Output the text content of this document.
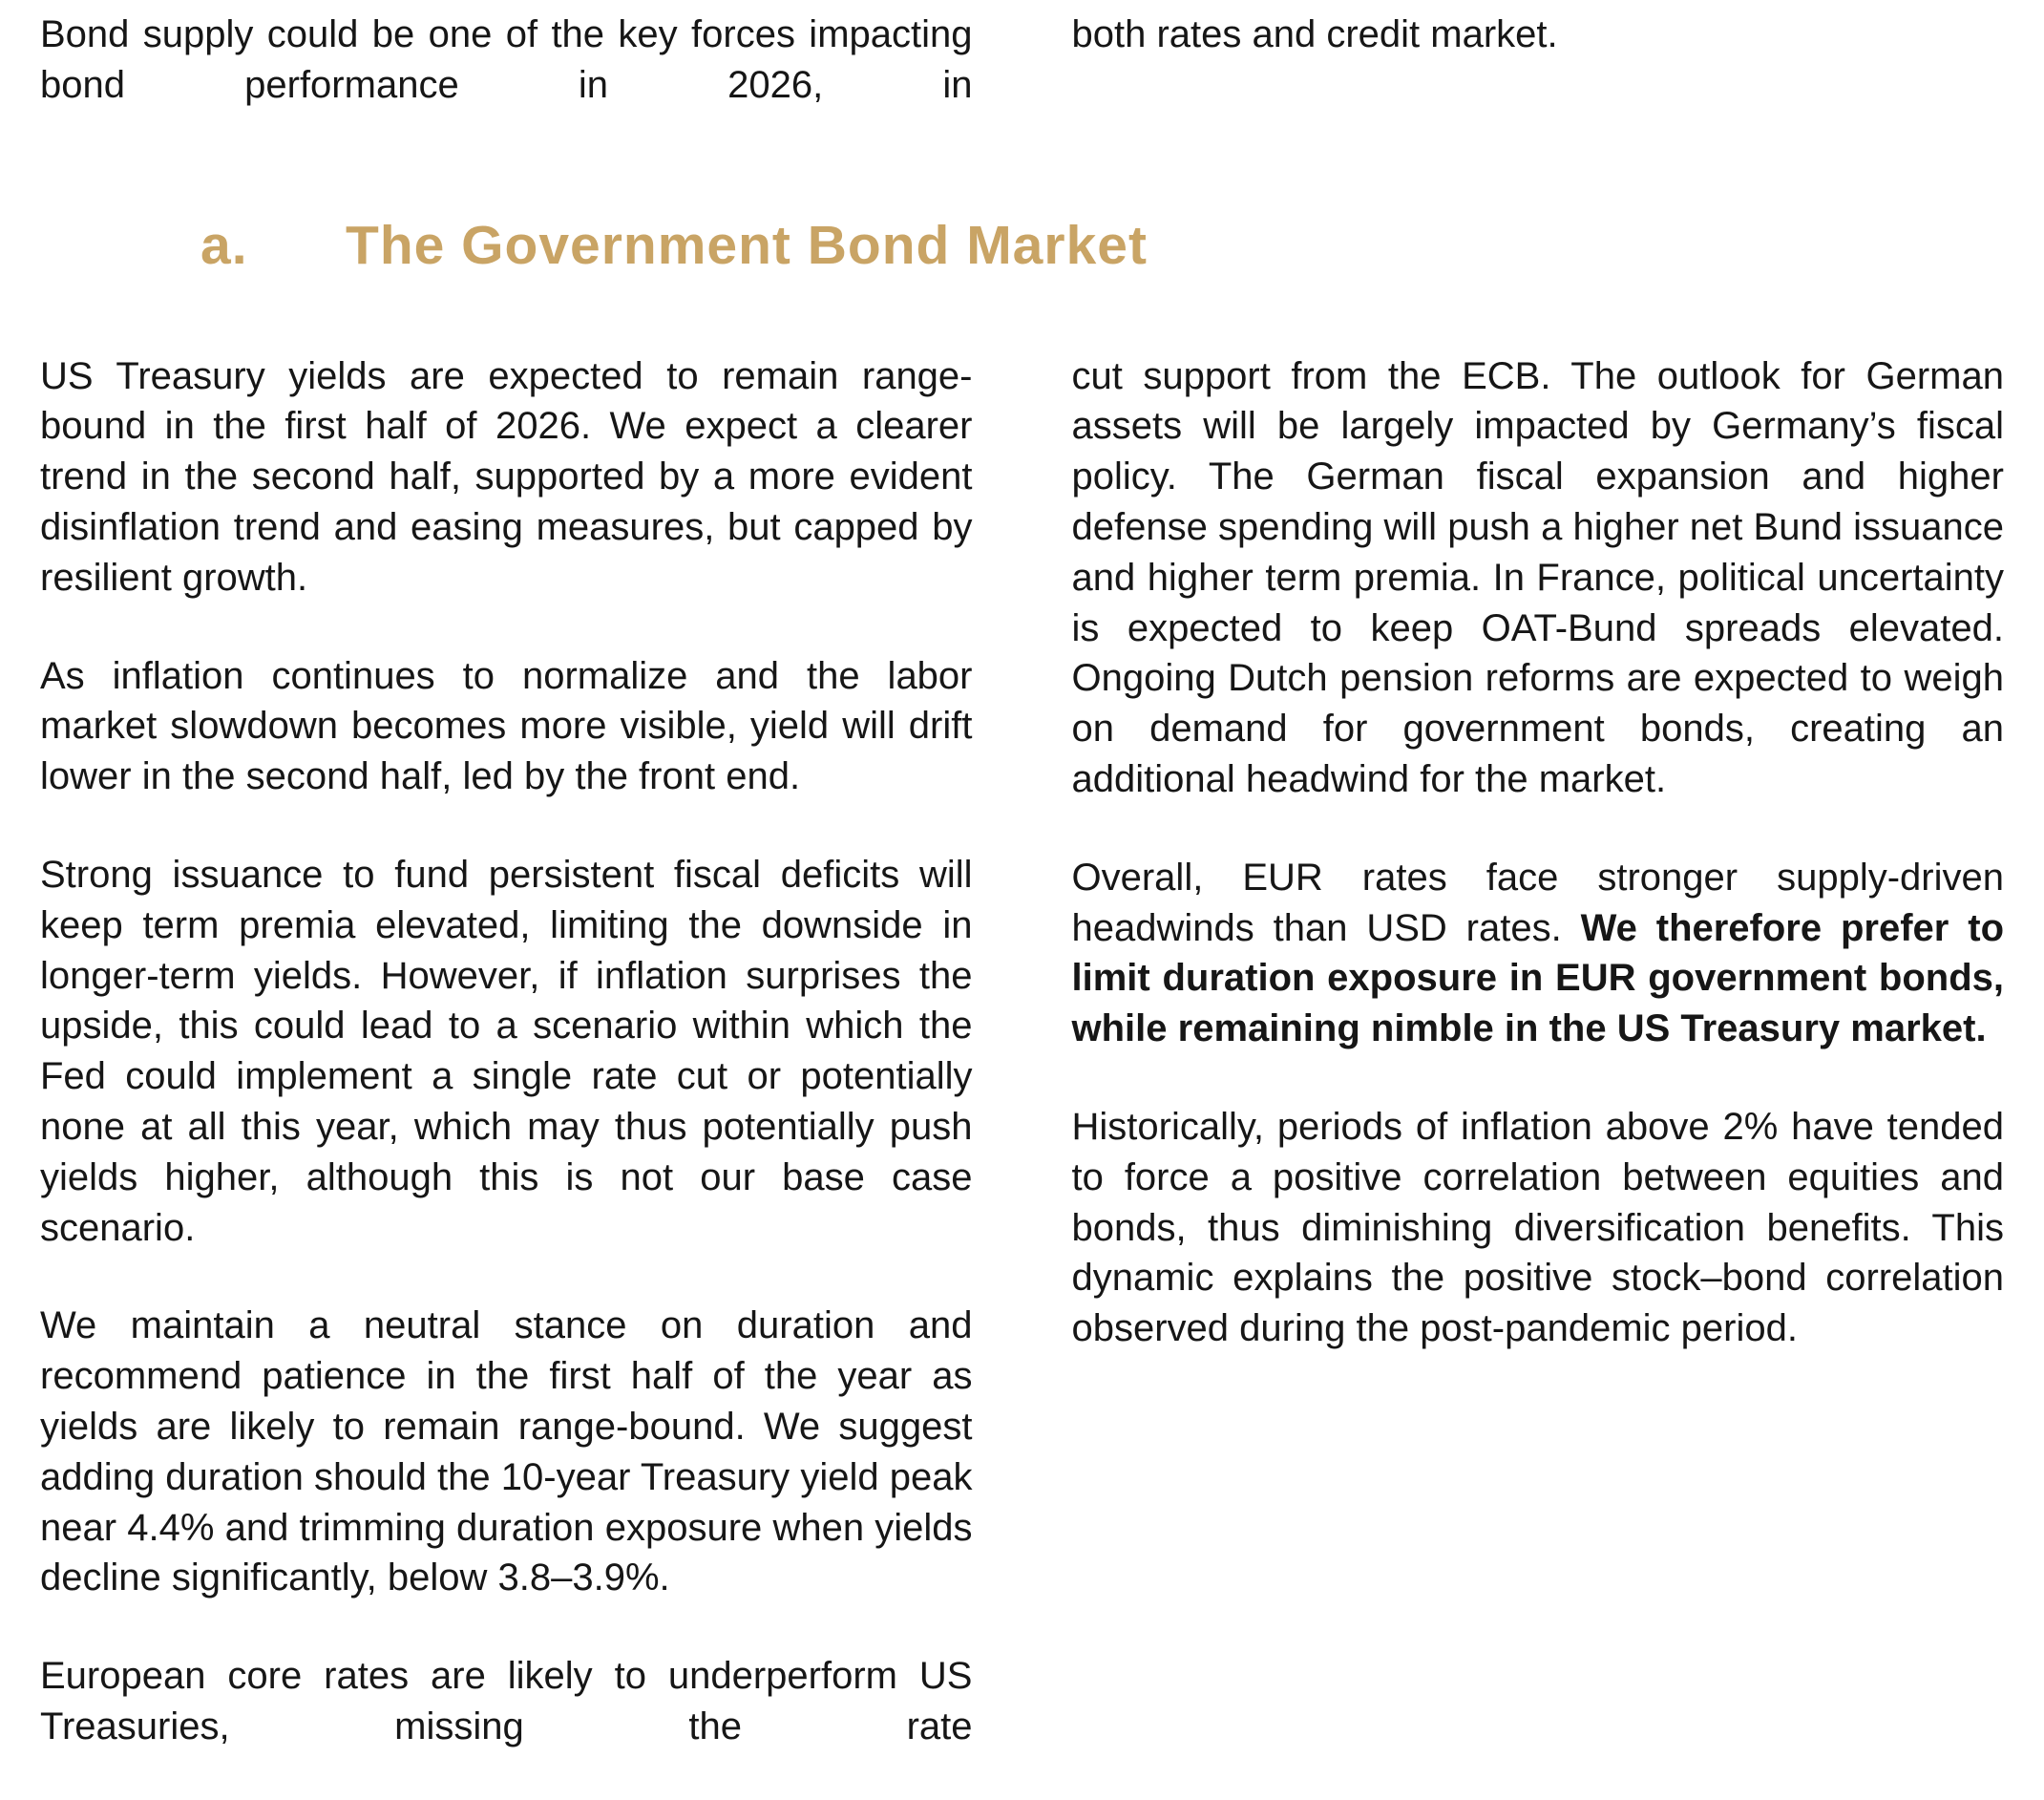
Bond supply could be one of the key forces impacting bond performance in 2026, in

both rates and credit market.

a. The Government Bond Market

US Treasury yields are expected to remain range-bound in the first half of 2026. We expect a clearer trend in the second half, supported by a more evident disinflation trend and easing measures, but capped by resilient growth.

As inflation continues to normalize and the labor market slowdown becomes more visible, yield will drift lower in the second half, led by the front end.

Strong issuance to fund persistent fiscal deficits will keep term premia elevated, limiting the downside in longer-term yields. However, if inflation surprises the upside, this could lead to a scenario within which the Fed could implement a single rate cut or potentially none at all this year, which may thus potentially push yields higher, although this is not our base case scenario.

We maintain a neutral stance on duration and recommend patience in the first half of the year as yields are likely to remain range-bound. We suggest adding duration should the 10-year Treasury yield peak near 4.4% and trimming duration exposure when yields decline significantly, below 3.8–3.9%.

European core rates are likely to underperform US Treasuries, missing the rate

cut support from the ECB. The outlook for German assets will be largely impacted by Germany’s fiscal policy. The German fiscal expansion and higher defense spending will push a higher net Bund issuance and higher term premia. In France, political uncertainty is expected to keep OAT-Bund spreads elevated. Ongoing Dutch pension reforms are expected to weigh on demand for government bonds, creating an additional headwind for the market.

Overall, EUR rates face stronger supply-driven headwinds than USD rates. We therefore prefer to limit duration exposure in EUR government bonds, while remaining nimble in the US Treasury market.

Historically, periods of inflation above 2% have tended to force a positive correlation between equities and bonds, thus diminishing diversification benefits. This dynamic explains the positive stock–bond correlation observed during the post-pandemic period.
